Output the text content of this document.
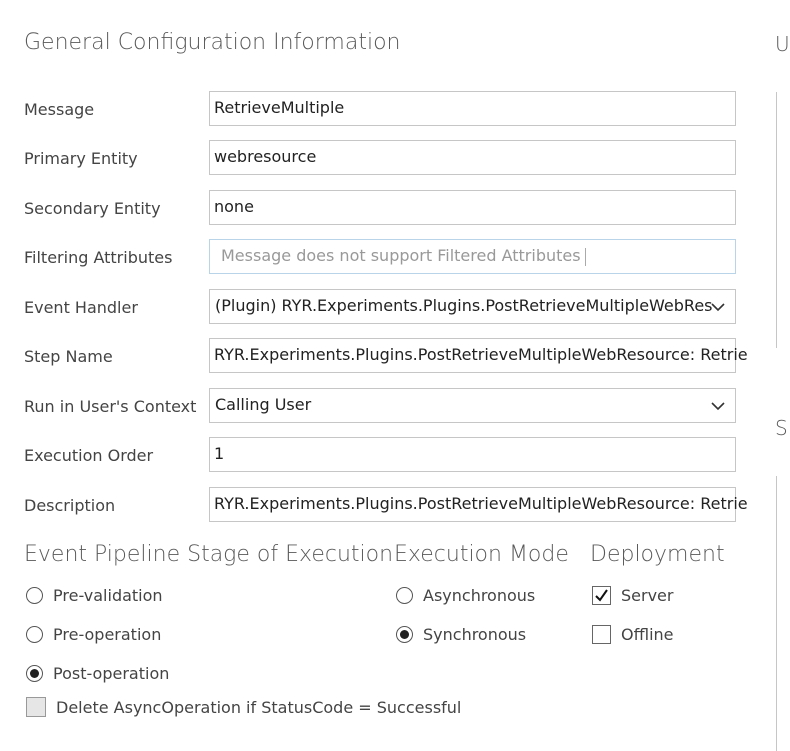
General Configuration Information
Message	RetrieveMultiple
Primary Entity	webresource
Secondary Entity	none
Filtering Attributes	Message does not support Filtered Attributes
Event Handler	(Plugin) RYR.Experiments.Plugins.PostRetrieveMultipleWebRes
Step Name	RYR.Experiments.Plugins.PostRetrieveMultipleWebResource: Retrie
Run in User's Context	Calling User
Execution Order	1
Description	RYR.Experiments.Plugins.PostRetrieveMultipleWebResource: Retrie
Event Pipeline Stage of Execution Execution Mode Deployment
Pre-validation
Pre-operation
Post-operation
Delete AsyncOperation if StatusCode = Successful
Asynchronous
Synchronous
Server
Offline
U
S
